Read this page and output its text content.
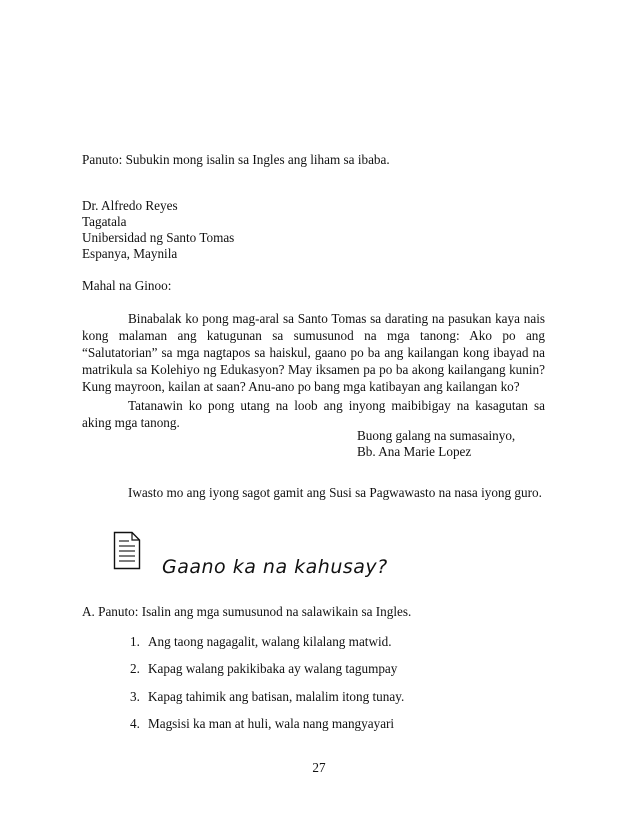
Panuto: Subukin mong isalin sa Ingles ang liham sa ibaba.
Dr. Alfredo Reyes
Tagatala
Unibersidad ng Santo Tomas
Espanya, Maynila
Mahal na Ginoo:
Binabalak ko pong mag-aral sa Santo Tomas sa darating na pasukan kaya nais kong malaman ang katugunan sa sumusunod na mga tanong: Ako po ang “Salutatorian” sa mga nagtapos sa haiskul, gaano po ba ang kailangan kong ibayad na matrikula sa Kolehiyo ng Edukasyon? May iksamen pa po ba akong kailangang kunin? Kung mayroon, kailan at saan? Anu-ano po bang mga katibayan ang kailangan ko?
Tatanawin ko pong utang na loob ang inyong maibibigay na kasagutan sa aking mga tanong.
Buong galang na sumasainyo,
Bb. Ana Marie Lopez
Iwasto mo ang iyong sagot gamit ang Susi sa Pagwawasto na nasa iyong guro.
Gaano ka na kahusay?
A. Panuto: Isalin ang mga sumusunod na salawikain sa Ingles.
1. Ang taong nagagalit, walang kilalang matwid.
2. Kapag walang pakikibaka ay walang tagumpay
3. Kapag tahimik ang batisan, malalim itong tunay.
4. Magsisi ka man at huli, wala nang mangyayari
27
